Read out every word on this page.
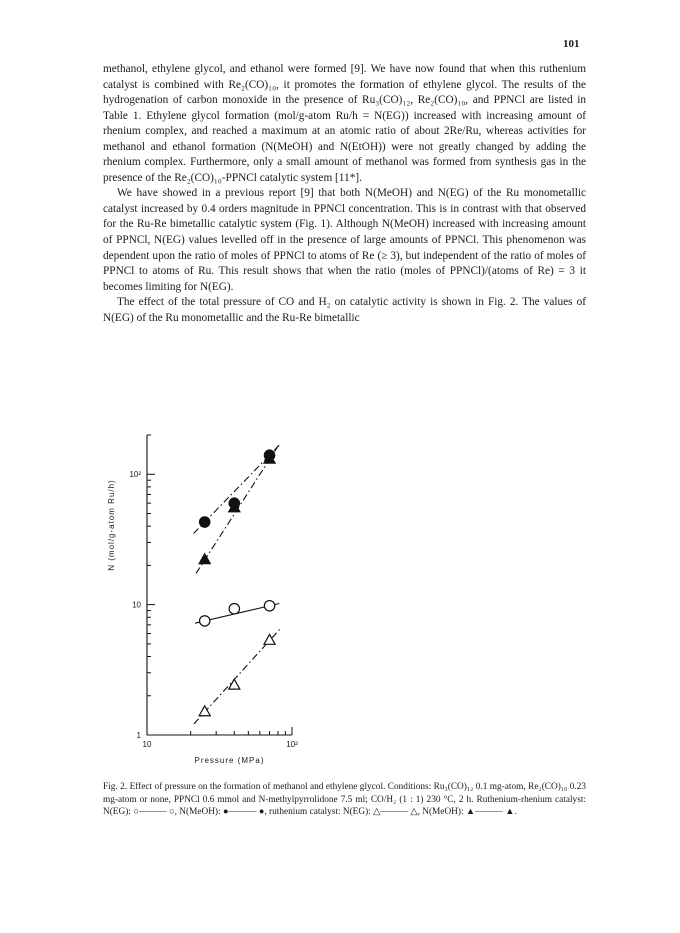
101

methanol, ethylene glycol, and ethanol were formed [9]. We have now found that when this ruthenium catalyst is combined with Re₂(CO)₁₀, it promotes the formation of ethylene glycol. The results of the hydrogenation of carbon monoxide in the presence of Ru₃(CO)₁₂, Re₂(CO)₁₀, and PPNCl are listed in Table 1. Ethylene glycol formation (mol/g-atom Ru/h = N(EG)) increased with increasing amount of rhenium complex, and reached a maximum at an atomic ratio of about 2Re/Ru, whereas activities for methanol and ethanol formation (N(MeOH) and N(EtOH)) were not greatly changed by adding the rhenium complex. Furthermore, only a small amount of methanol was formed from synthesis gas in the presence of the Re₂(CO)₁₀-PPNCl catalytic system [11*].

We have showed in a previous report [9] that both N(MeOH) and N(EG) of the Ru monometallic catalyst increased by 0.4 orders magnitude in PPNCl concentration. This is in contrast with that observed for the Ru-Re bimetallic catalytic system (Fig. 1). Although N(MeOH) increased with increasing amount of PPNCl, N(EG) values levelled off in the presence of large amounts of PPNCl. This phenomenon was dependent upon the ratio of moles of PPNCl to atoms of Re (≥ 3), but independent of the ratio of moles of PPNCl to atoms of Ru. This result shows that when the ratio (moles of PPNCl)/(atoms of Re) = 3 it becomes limiting for N(EG).

The effect of the total pressure of CO and H₂ on catalytic activity is shown in Fig. 2. The values of N(EG) of the Ru monometallic and the Ru-Re bimetallic

1
10
10²
10	10²
Pressure (MPa)
N (mol/g-atom Ru/h)
Fig. 2. Effect of pressure on the formation of methanol and ethylene glycol. Conditions: Ru₃(CO)₁₂ 0.1 mg-atom, Re₂(CO)₁₀ 0.23 mg-atom or none, PPNCl 0.6 mmol and N-methylpyrrolidone 7.5 ml; CO/H₂ (1 : 1) 230 °C, 2 h. Ruthenium-rhenium catalyst: N(EG): ○——— ○, N(MeOH): ●——— ●, ruthenium catalyst: N(EG): △——— △, N(MeOH): ▲——— ▲.
